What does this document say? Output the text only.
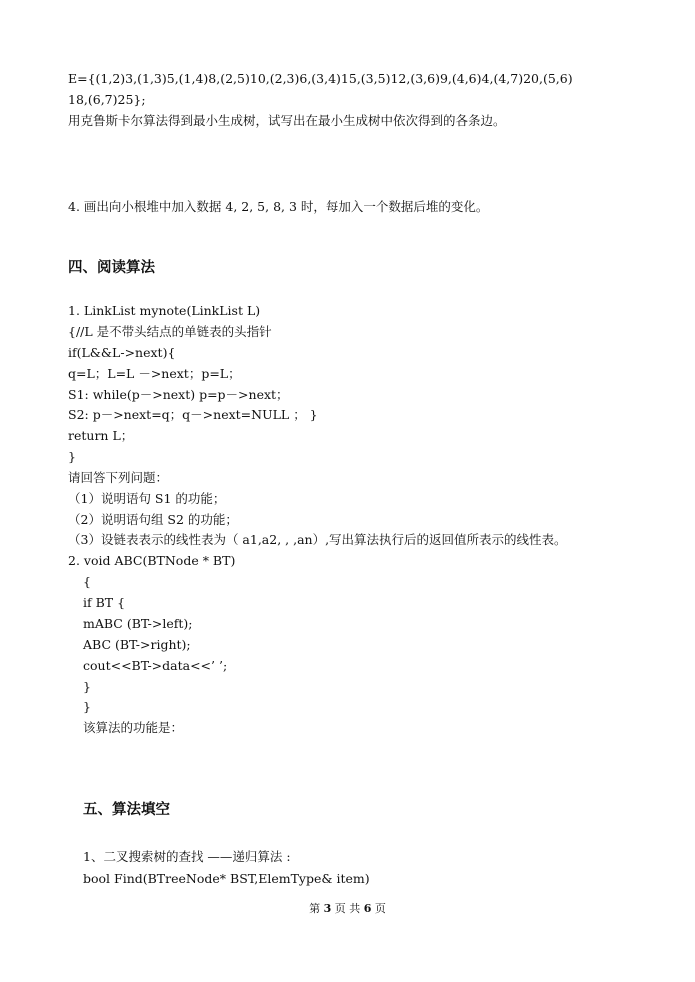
E={(1,2)3,(1,3)5,(1,4)8,(2,5)10,(2,3)6,(3,4)15,(3,5)12,(3,6)9,(4,6)4,(4,7)20,(5,6)
18,(6,7)25};
用克鲁斯卡尔算法得到最小生成树，试写出在最小生成树中依次得到的各条边。
4. 画出向小根堆中加入数据 4, 2, 5, 8, 3 时，每加入一个数据后堆的变化。
四、阅读算法
1. LinkList mynote(LinkList L)
{//L 是不带头结点的单链表的头指针
if(L&&L->next){
q=L；L=L －>next；p=L；
S1: while(p－>next) p=p－>next；
S2: p－>next=q；q－>next=NULL ； }
return L；
}
请回答下列问题：
（1）说明语句 S1 的功能；
（2）说明语句组 S2 的功能；
（3）设链表表示的线性表为（ a1,a2, , ,an）,写出算法执行后的返回值所表示的线性表。
2. void ABC(BTNode * BT)
{
if BT {
mABC (BT->left);
ABC (BT->right);
cout<<BT->data<<’ ’;
}
}
该算法的功能是：
五、算法填空
1、二叉搜索树的查找 ——递归算法 :
bool Find(BTreeNode* BST,ElemType& item)
第 3 页 共 6 页
